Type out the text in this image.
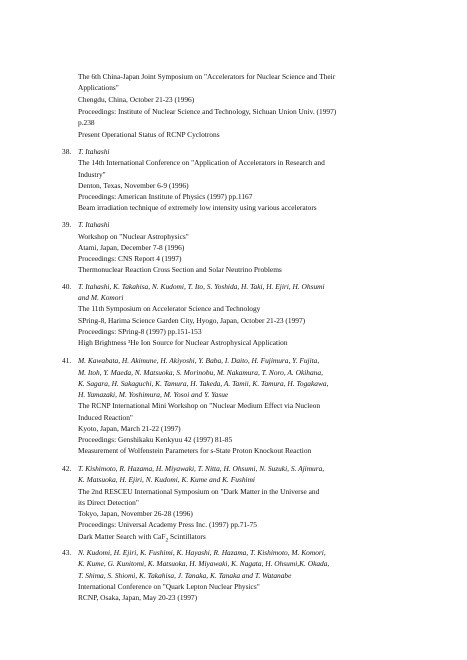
The 6th China-Japan Joint Symposium on "Accelerators for Nuclear Science and Their
Applications"
Chengdu, China, October 21-23 (1996)
Proceedings: Institute of Nuclear Science and Technology, Sichuan Union Univ. (1997)
p.238
Present Operational Status of RCNP Cyclotrons
38. T. Itahashi
The 14th International Conference on "Application of Accelerators in Research and
Industry"
Denton, Texas, November 6-9 (1996)
Proceedings: American Institute of Physics (1997) pp.1167
Beam irradiation technique of extremely low intensity using various accelerators
39. T. Itahashi
Workshop on "Nuclear Astrophysics"
Atami, Japan, December 7-8 (1996)
Proceedings: CNS Report 4 (1997)
Thermonuclear Reaction Cross Section and Solar Neutrino Problems
40. T. Itahashi, K. Takahisa, N. Kudomi, T. Ito, S. Yoshida, H. Taki, H. Ejiri, H. Ohsumi
and M. Komori
The 11th Symposium on Accelerator Science and Technology
SPring-8, Harima Science Garden City, Hyogo, Japan, October 21-23 (1997)
Proceedings: SPring-8 (1997) pp.151-153
High Brightness ³He Ion Source for Nuclear Astrophysical Application
41. M. Kawabata, H. Akimune, H. Akiyoshi, Y. Baba, I. Daito, H. Fujimura, Y. Fujita,
M. Itoh, Y. Maeda, N. Matsuoka, S. Morinobu, M. Nakamura, T. Noro, A. Okihana,
K. Sagara, H. Sakaguchi, K. Tamura, H. Takeda, A. Tamii, K. Tamura, H. Togakawa,
H. Yamazaki, M. Yoshimura, M. Yosoi and Y. Yasue
The RCNP International Mini Workshop on "Nuclear Medium Effect via Nucleon
Induced Reaction"
Kyoto, Japan, March 21-22 (1997)
Proceedings: Genshikaku Kenkyuu 42 (1997) 81-85
Measurement of Wolfenstein Parameters for s-State Proton Knockout Reaction
42. T. Kishimoto, R. Hazama, H. Miyawaki, T. Nitta, H. Ohsumi, N. Suzuki, S. Ajimura,
K. Matsuoka, H. Ejiri, N. Kudomi, K. Kume and K. Fushimi
The 2nd RESCEU International Symposium on "Dark Matter in the Universe and
its Direct Detection"
Tokyo, Japan, November 26-28 (1996)
Proceedings: Universal Academy Press Inc. (1997) pp.71-75
Dark Matter Search with CaF$_2$ Scintillators
43. N. Kudomi, H. Ejiri, K. Fushimi, K. Hayashi, R. Hazama, T. Kishimoto, M. Komori,
K. Kume, G. Kunitomi, K. Matsuoka, H. Miyawaki, K. Nagata, H. Ohsumi,K. Okada,
T. Shima, S. Shiomi, K. Takahisa, J. Tanaka, K. Tanaka and T. Watanabe
International Conference on "Quark Lepton Nuclear Physics"
RCNP, Osaka, Japan, May 20-23 (1997)
